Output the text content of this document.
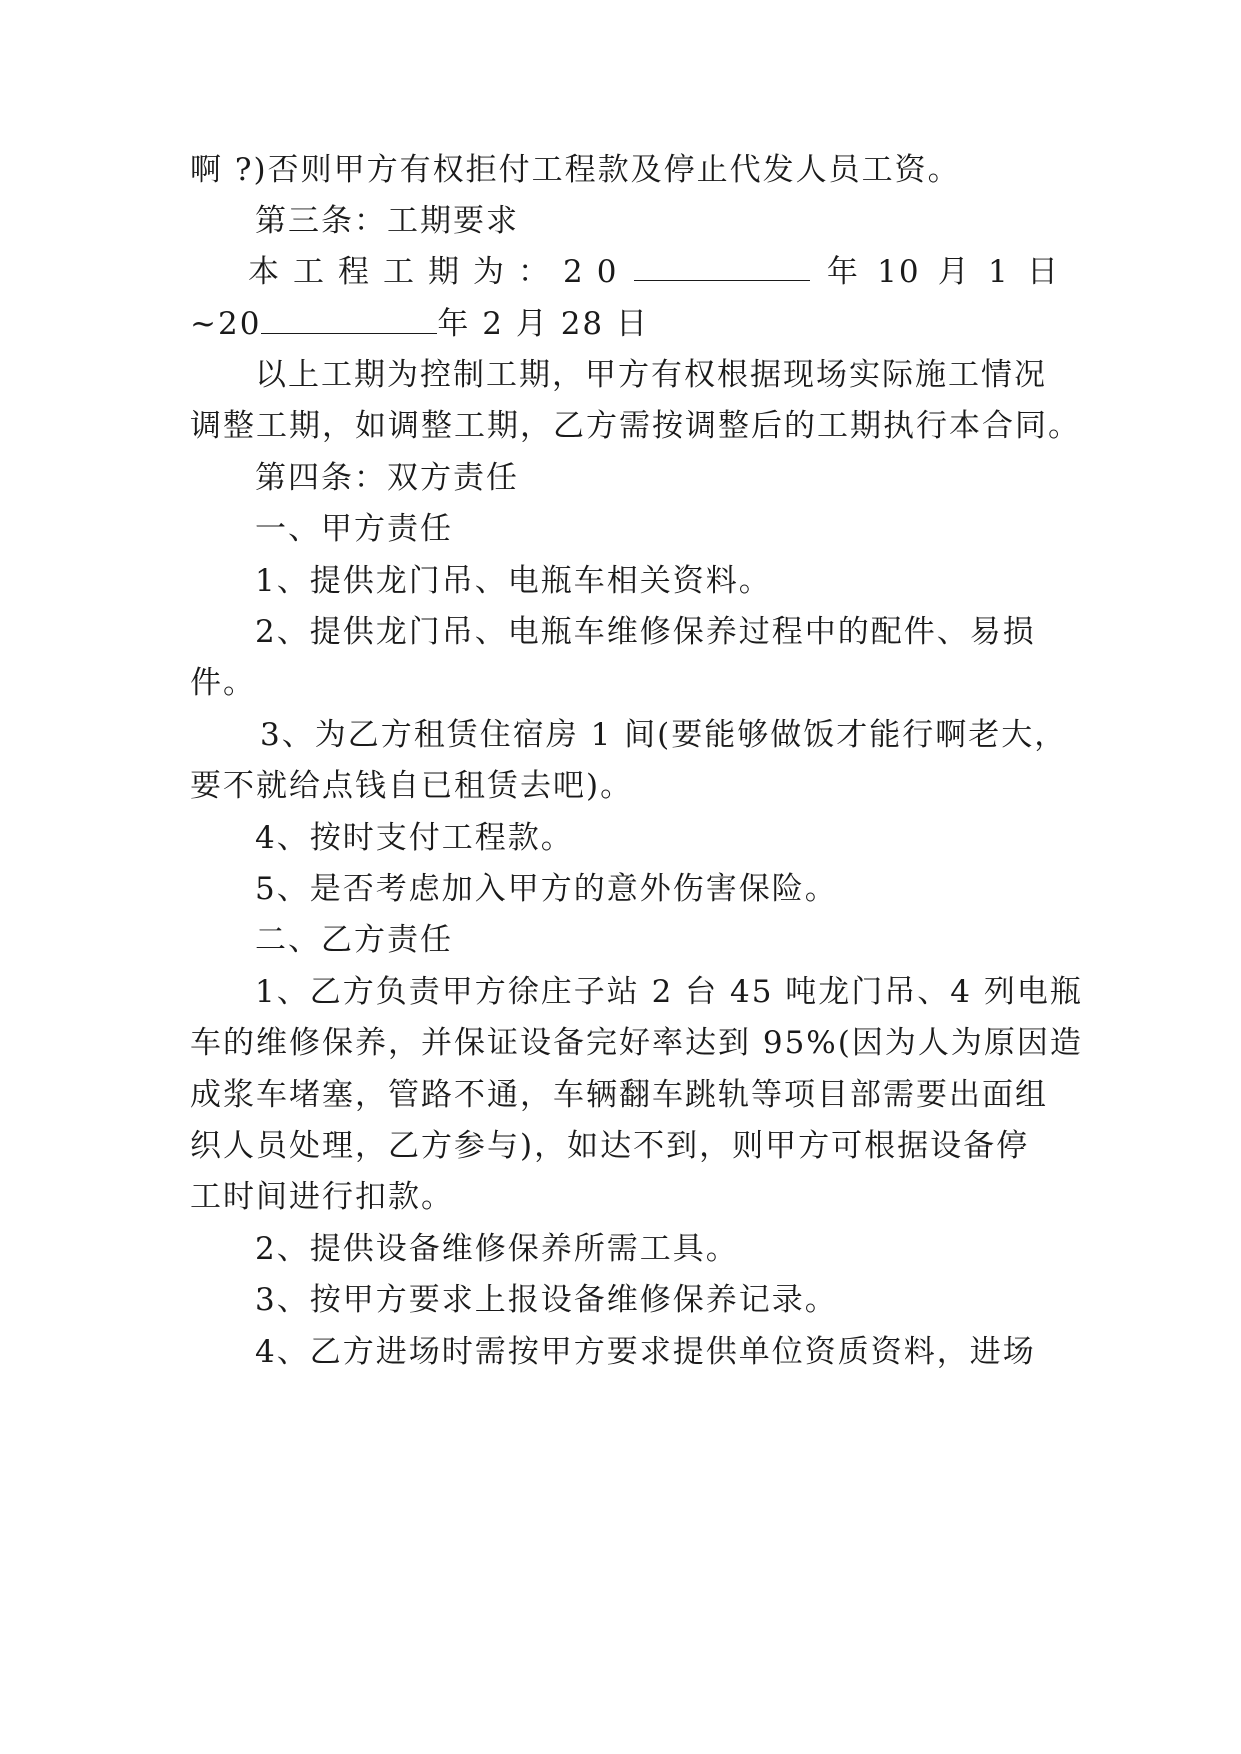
啊 ?)否则甲方有权拒付工程款及停止代发人员工资。
第三条：工期要求
本工程工期为：20	年 10 月 1 日
~20	年 2 月 28 日
以上工期为控制工期，甲方有权根据现场实际施工情况
调整工期，如调整工期，乙方需按调整后的工期执行本合同。
第四条：双方责任
一、甲方责任
1、提供龙门吊、电瓶车相关资料。
2、提供龙门吊、电瓶车维修保养过程中的配件、易损
件。
3、为乙方租赁住宿房 1 间(要能够做饭才能行啊老大，
要不就给点钱自已租赁去吧)。
4、按时支付工程款。
5、是否考虑加入甲方的意外伤害保险。
二、乙方责任
1、乙方负责甲方徐庄子站 2 台 45 吨龙门吊、4 列电瓶
车的维修保养，并保证设备完好率达到 95%(因为人为原因造
成浆车堵塞，管路不通，车辆翻车跳轨等项目部需要出面组
织人员处理，乙方参与)，如达不到，则甲方可根据设备停
工时间进行扣款。
2、提供设备维修保养所需工具。
3、按甲方要求上报设备维修保养记录。
4、乙方进场时需按甲方要求提供单位资质资料，进场
